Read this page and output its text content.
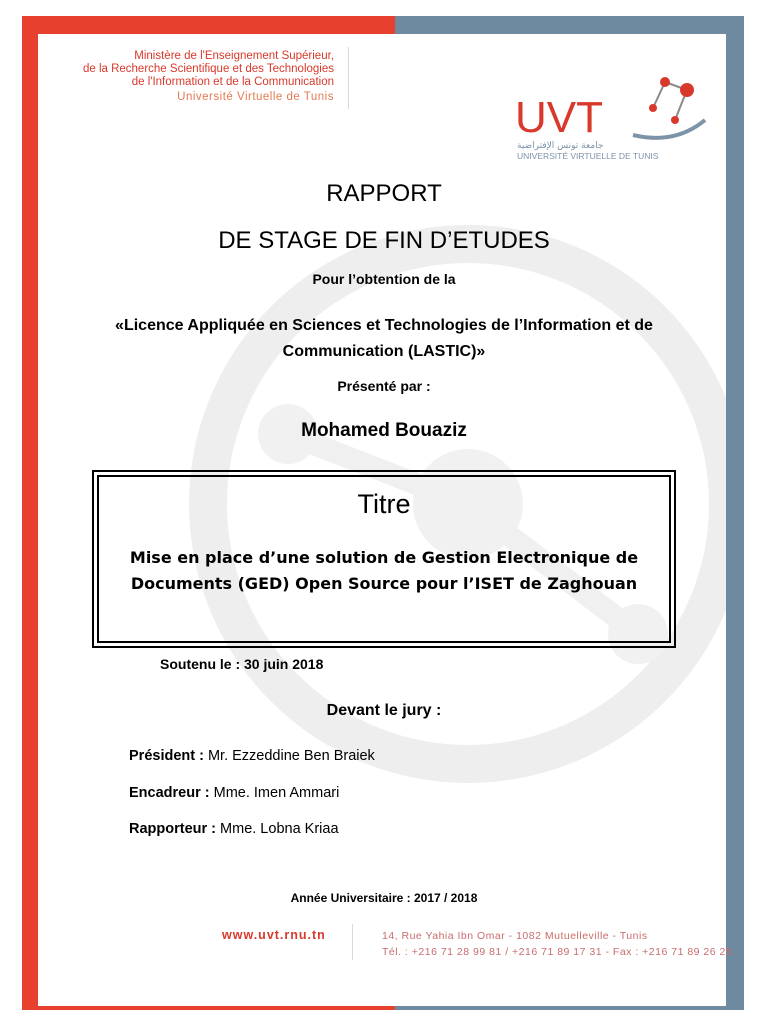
Ministère de l'Enseignement Supérieur,
de la Recherche Scientifique et des Technologies
de l'Information et de la Communication
Université Virtuelle de Tunis	UVT
جامعة تونس الإفتراضية
UNIVERSITÉ VIRTUELLE DE TUNIS
RAPPORT
DE STAGE DE FIN D’ETUDES
Pour l’obtention de la
«Licence Appliquée en Sciences et Technologies de l’Information et de Communication (LASTIC)»
Présenté par :
Mohamed Bouaziz
Titre
Mise en place d’une solution de Gestion Electronique de Documents (GED) Open Source pour l’ISET de Zaghouan
Soutenu le : 30 juin 2018
Devant le jury :
Président : Mr. Ezzeddine Ben Braiek
Encadreur : Mme. Imen Ammari
Rapporteur : Mme. Lobna Kriaa
Année Universitaire : 2017 / 2018
www.uvt.rnu.tn	14, Rue Yahia Ibn Omar - 1082 Mutuelleville - Tunis
Tél. : +216 71 28 99 81 / +216 71 89 17 31 - Fax : +216 71 89 26 25
